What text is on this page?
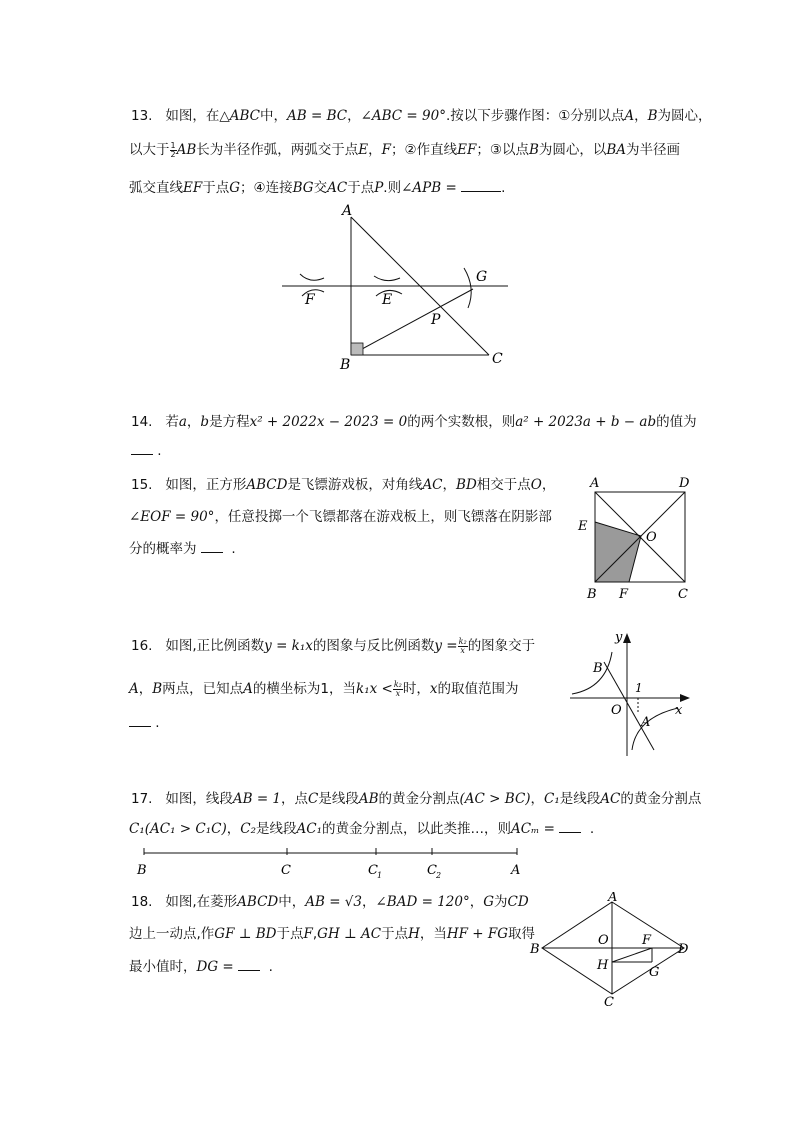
13. 如图，在△ABC中，AB = BC，∠ABC = 90°.按以下步骤作图：①分别以点A，B为圆心，
以大于 $\frac{1}{2}$ AB长为半径作弧，两弧交于点E，F；②作直线EF；③以点B为圆心，以BA为半径画
弧交直线EF于点G；④连接BG交AC于点P.则∠APB =	.
A
B	C
F	E
G
P
14. 若a，b是方程x² + 2022x − 2023 = 0的两个实数根，则a² + 2023a + b − ab的值为
.
15. 如图，正方形ABCD是飞镖游戏板，对角线AC，BD相交于点O，
∠EOF = 90°，任意投掷一个飞镖都落在游戏板上，则飞镖落在阴影部
分的概率为	.
A	D
E
O
B F	C
16. 如图,正比例函数y = k₁x的图象与反比例函数$y = \frac{\text{k₂}}{x}$ 的图象交于
A，B两点，已知点A的横坐标为1，当$k_1x < \frac{\text{k₂}}{x}$ 时，x的取值范围为
.
y
x
O
1
B
A
17. 如图，线段AB = 1，点C是线段AB的黄金分割点(AC > BC)，C₁是线段AC的黄金分割点
C₁(AC₁ > C₁C)，C₂是线段AC₁的黄金分割点，以此类推…，则ACₘ =	.
B	C	C 1	C 2	A
18. 如图,在菱形ABCD中，AB = √3，∠BAD = 120°，G为CD
边上一动点,作GF ⊥ BD于点F,GH ⊥ AC于点H，当HF + FG取得
最小值时，DG =	.
A
B	D
C
O	F
H	G
